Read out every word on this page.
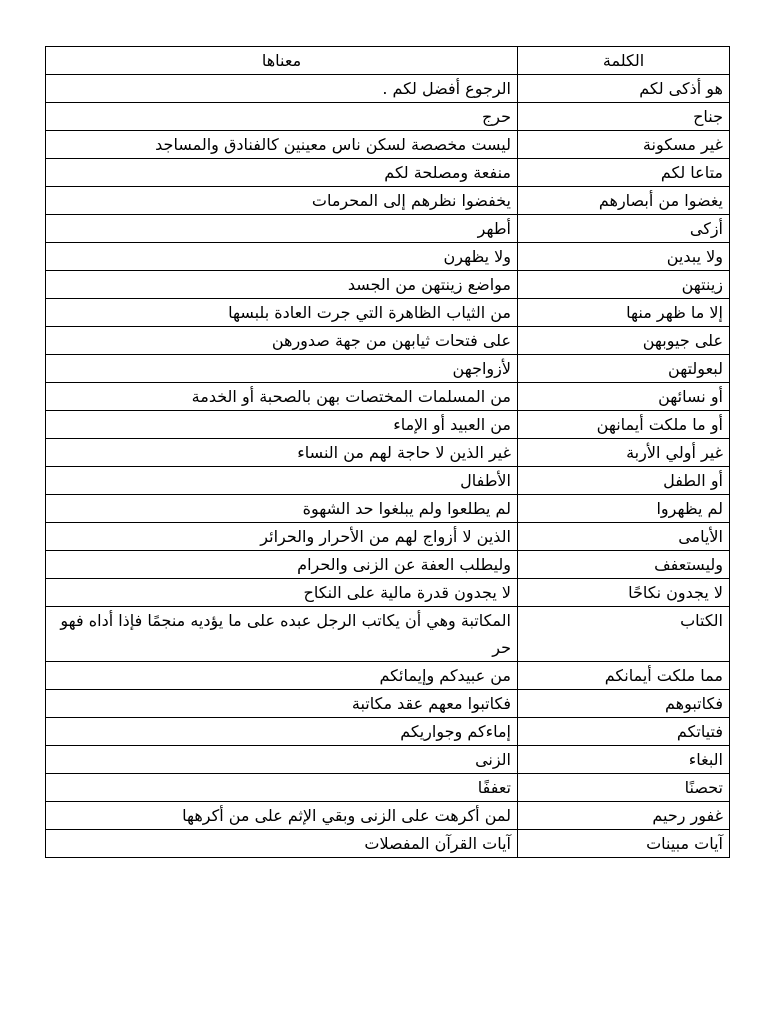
الكلمة	معناها
هو أذكى لكم	الرجوع أفضل لكم .
جناح	حرج
غير مسكونة	ليست مخصصة لسكن ناس معينين كالفنادق والمساجد
متاعا لكم	منفعة ومصلحة لكم
يغضوا من أبصارهم	يخفضوا نظرهم إلى المحرمات
أزكى	أطهر
ولا يبدين	ولا يظهرن
زينتهن	مواضع زينتهن من الجسد
إلا ما ظهر منها	من الثياب الظاهرة التي جرت العادة بلبسها
على جيوبهن	على فتحات ثيابهن من جهة صدورهن
لبعولتهن	لأزواجهن
أو نسائهن	من المسلمات المختصات بهن بالصحبة أو الخدمة
أو ما ملكت أيمانهن	من العبيد أو الإماء
غير أولي الأربة	غير الذين لا حاجة لهم من النساء
أو الطفل	الأطفال
لم يظهروا	لم يطلعوا ولم يبلغوا حد الشهوة
الأيامى	الذين لا أزواج لهم من الأحرار والحرائر
وليستعفف	وليطلب العفة عن الزنى والحرام
لا يجدون نكاحًا	لا يجدون قدرة مالية على النكاح
الكتاب	المكاتبة وهي أن يكاتب الرجل عبده على ما يؤديه منجمًا فإذا أداه فهو حر
مما ملكت أيمانكم	من عبيدكم وإيمائكم
فكاتبوهم	فكاتبوا معهم عقد مكاتبة
فتياتكم	إماءكم وجواريكم
البغاء	الزنى
تحصنًا	تعففًا
غفور رحيم	لمن أكرهت على الزنى وبقي الإثم على من أكرهها
آيات مبينات	آيات القرآن المفصلات
